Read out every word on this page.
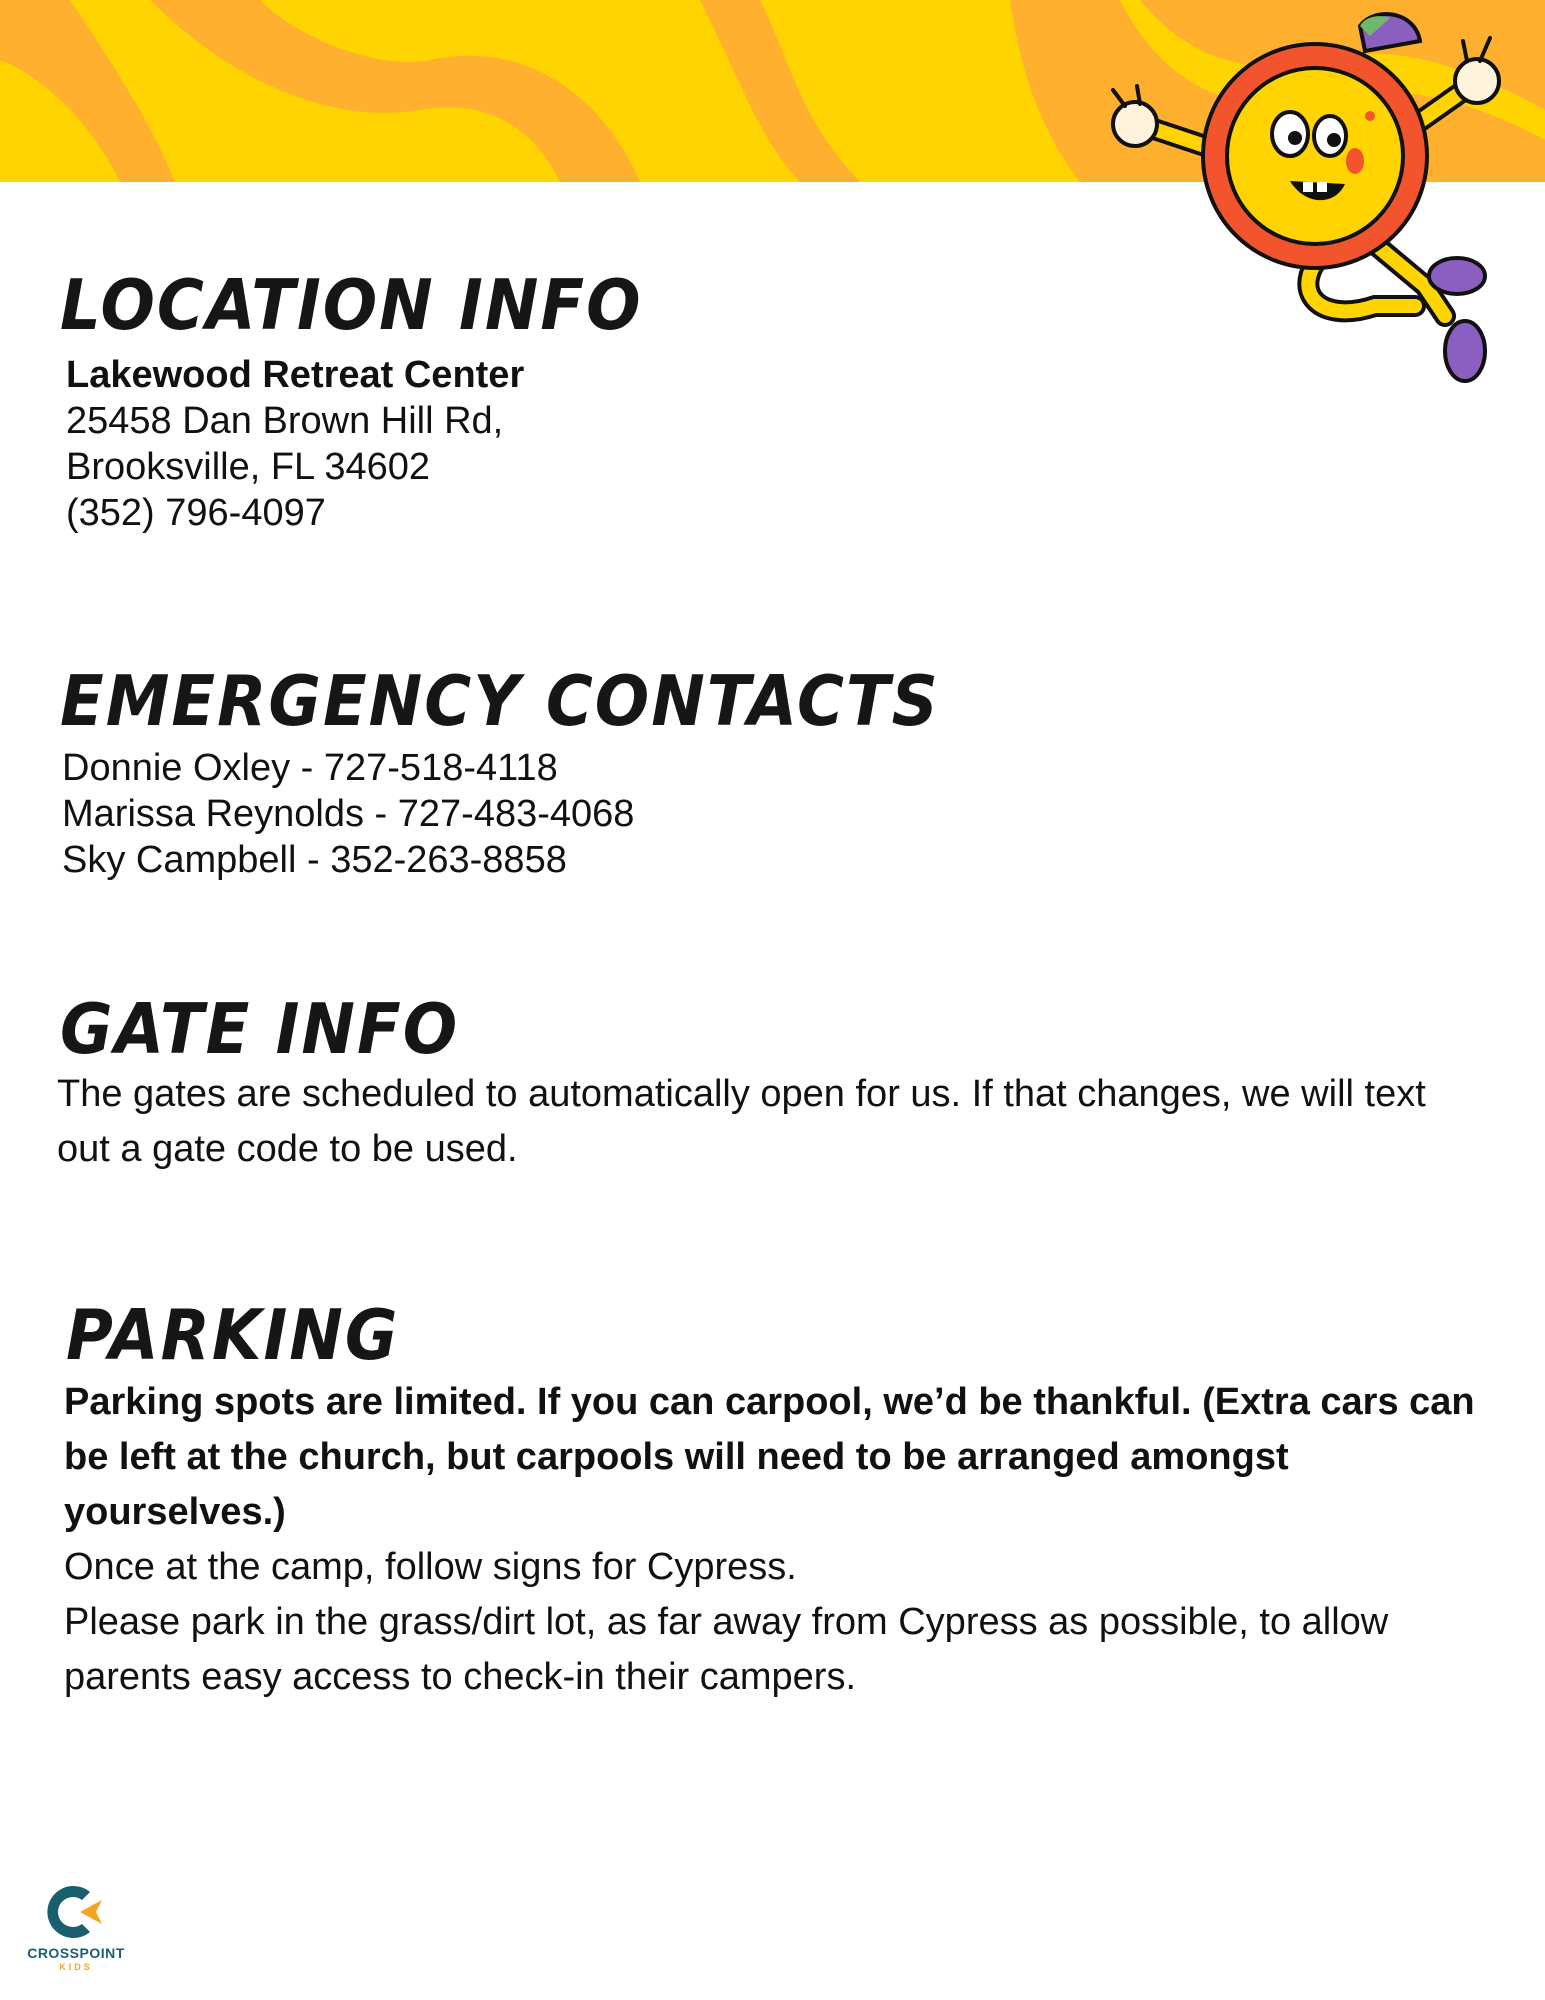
LOCATION INFO
Lakewood Retreat Center
25458 Dan Brown Hill Rd,
Brooksville, FL 34602
(352) 796-4097
EMERGENCY CONTACTS
Donnie Oxley - 727-518-4118
Marissa Reynolds - 727-483-4068
Sky Campbell - 352-263-8858
GATE INFO

The gates are scheduled to automatically open for us. If that changes, we will text out a gate code to be used.

PARKING
Parking spots are limited. If you can carpool, we’d be thankful. (Extra cars can be left at the church, but carpools will need to be arranged amongst yourselves.)
Once at the camp, follow signs for Cypress.
Please park in the grass/dirt lot, as far away from Cypress as possible, to allow parents easy access to check-in their campers.
CROSSPOINT
KIDS
